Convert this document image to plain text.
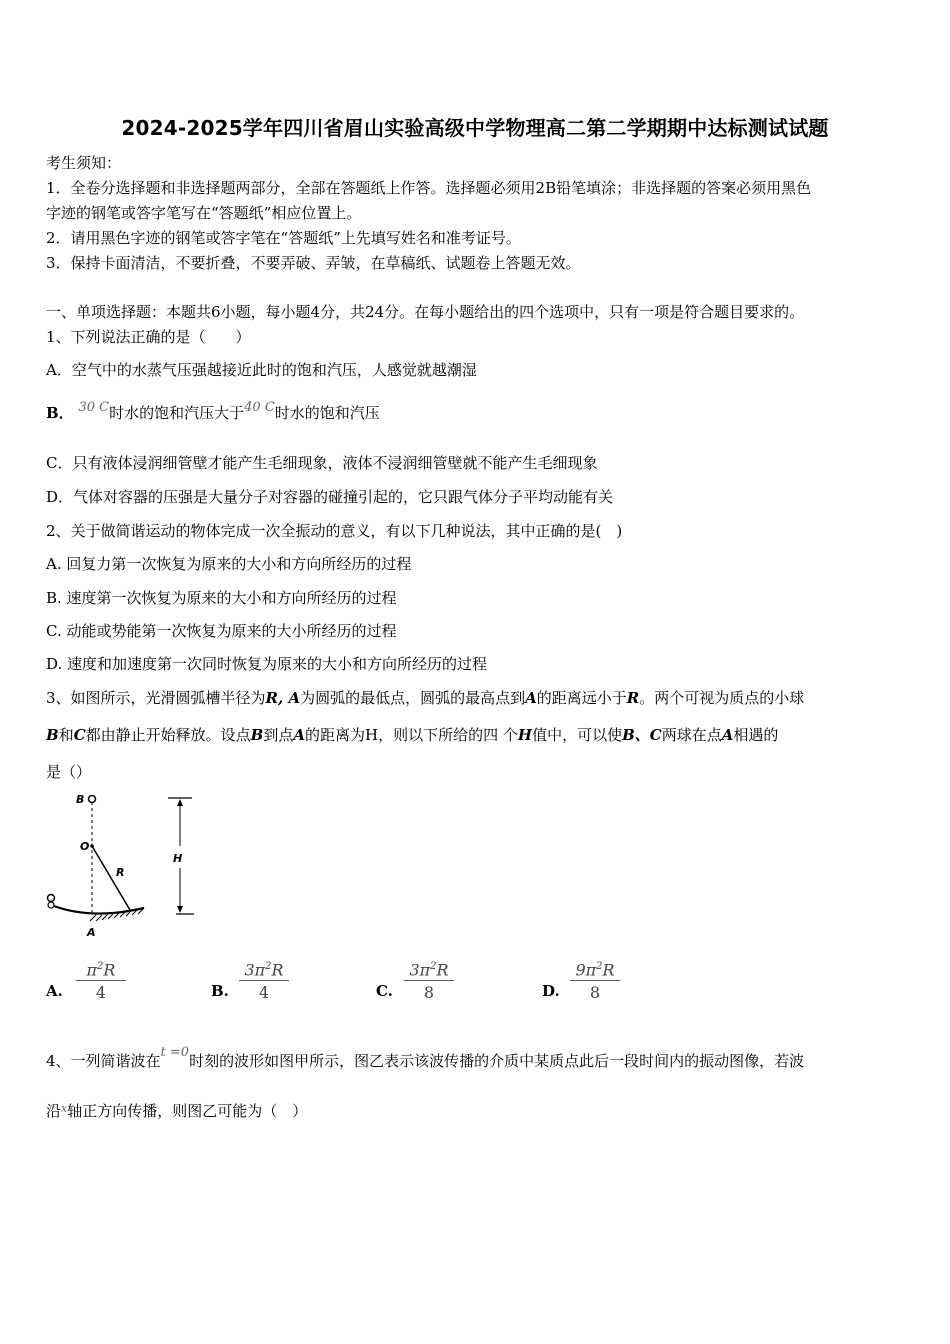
2024-2025学年四川省眉山实验高级中学物理高二第二学期期中达标测试试题
考生须知：
1．全卷分选择题和非选择题两部分，全部在答题纸上作答。选择题必须用2B铅笔填涂；非选择题的答案必须用黑色
字迹的钢笔或答字笔写在“答题纸”相应位置上。
2．请用黑色字迹的钢笔或答字笔在“答题纸”上先填写姓名和准考证号。
3．保持卡面清洁，不要折叠，不要弄破、弄皱，在草稿纸、试题卷上答题无效。
一、单项选择题：本题共6小题，每小题4分，共24分。在每小题给出的四个选项中，只有一项是符合题目要求的。
1、下列说法正确的是（　　）
A．空气中的水蒸气压强越接近此时的饱和汽压，人感觉就越潮湿
B． 30 C时水的饱和汽压大于40 C时水的饱和汽压
C．只有液体浸润细管壁才能产生毛细现象，液体不浸润细管壁就不能产生毛细现象
D．气体对容器的压强是大量分子对容器的碰撞引起的，它只跟气体分子平均动能有关
2、关于做简谐运动的物体完成一次全振动的意义，有以下几种说法，其中正确的是(　)
A. 回复力第一次恢复为原来的大小和方向所经历的过程
B. 速度第一次恢复为原来的大小和方向所经历的过程
C. 动能或势能第一次恢复为原来的大小所经历的过程
D. 速度和加速度第一次同时恢复为原来的大小和方向所经历的过程
3、如图所示，光滑圆弧槽半径为R, A为圆弧的最低点，圆弧的最高点到A的距离远小于R。两个可视为质点的小球
B和C都由静止开始释放。设点B到点A的距离为H，则以下所给的四 个H值中，可以使B、C两球在点A相遇的
是（）
B
O
R
H
A
A. $\frac{\pi^2R}{4}$	B. $\frac{3\pi^2R}{4}$	C. $\frac{3\pi^2R}{8}$	D. $\frac{9\pi^2R}{8}$
4、一列简谐波在t =0时刻的波形如图甲所示，图乙表示该波传播的介质中某质点此后一段时间内的振动图像，若波
沿$^x$轴正方向传播，则图乙可能为（　）
